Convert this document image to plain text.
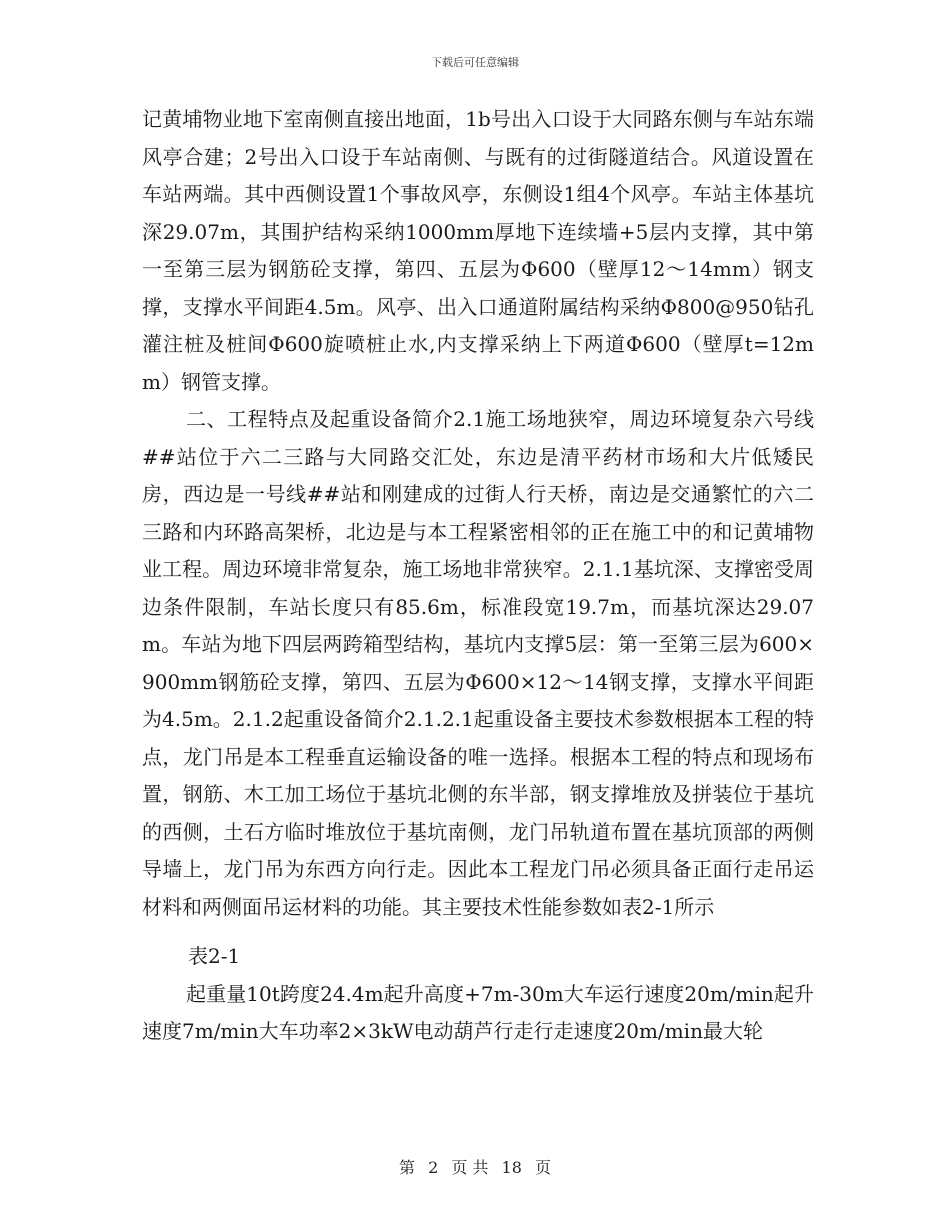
下载后可任意编辑

记黄埔物业地下室南侧直接出地面，1b号出入口设于大同路东侧与车站东端风亭合建；2号出入口设于车站南侧、与既有的过街隧道结合。风道设置在车站两端。其中西侧设置1个事故风亭，东侧设1组4个风亭。车站主体基坑深29.07m，其围护结构采纳1000mm厚地下连续墙+5层内支撑，其中第一至第三层为钢筋砼支撑，第四、五层为Φ600（壁厚12～14mm）钢支撑，支撑水平间距4.5m。风亭、出入口通道附属结构采纳Φ800@950钻孔灌注桩及桩间Φ600旋喷桩止水,内支撑采纳上下两道Φ600（壁厚t=12mm）钢管支撑。

二、工程特点及起重设备简介2.1施工场地狭窄，周边环境复杂六号线##站位于六二三路与大同路交汇处，东边是清平药材市场和大片低矮民房，西边是一号线##站和刚建成的过街人行天桥，南边是交通繁忙的六二三路和内环路高架桥，北边是与本工程紧密相邻的正在施工中的和记黄埔物业工程。周边环境非常复杂，施工场地非常狭窄。2.1.1基坑深、支撑密受周边条件限制，车站长度只有85.6m，标准段宽19.7m，而基坑深达29.07m。车站为地下四层两跨箱型结构，基坑内支撑5层：第一至第三层为600×900mm钢筋砼支撑，第四、五层为Φ600×12～14钢支撑，支撑水平间距为4.5m。2.1.2起重设备简介2.1.2.1起重设备主要技术参数根据本工程的特点，龙门吊是本工程垂直运输设备的唯一选择。根据本工程的特点和现场布置，钢筋、木工加工场位于基坑北侧的东半部，钢支撑堆放及拼装位于基坑的西侧，土石方临时堆放位于基坑南侧，龙门吊轨道布置在基坑顶部的两侧导墙上，龙门吊为东西方向行走。因此本工程龙门吊必须具备正面行走吊运材料和两侧面吊运材料的功能。其主要技术性能参数如表2-1所示

表2-1

起重量10t跨度24.4m起升高度+7m-30m大车运行速度20m/min起升速度7m/min大车功率2×3kW电动葫芦行走行走速度20m/min最大轮

第 2 页 共 18 页
